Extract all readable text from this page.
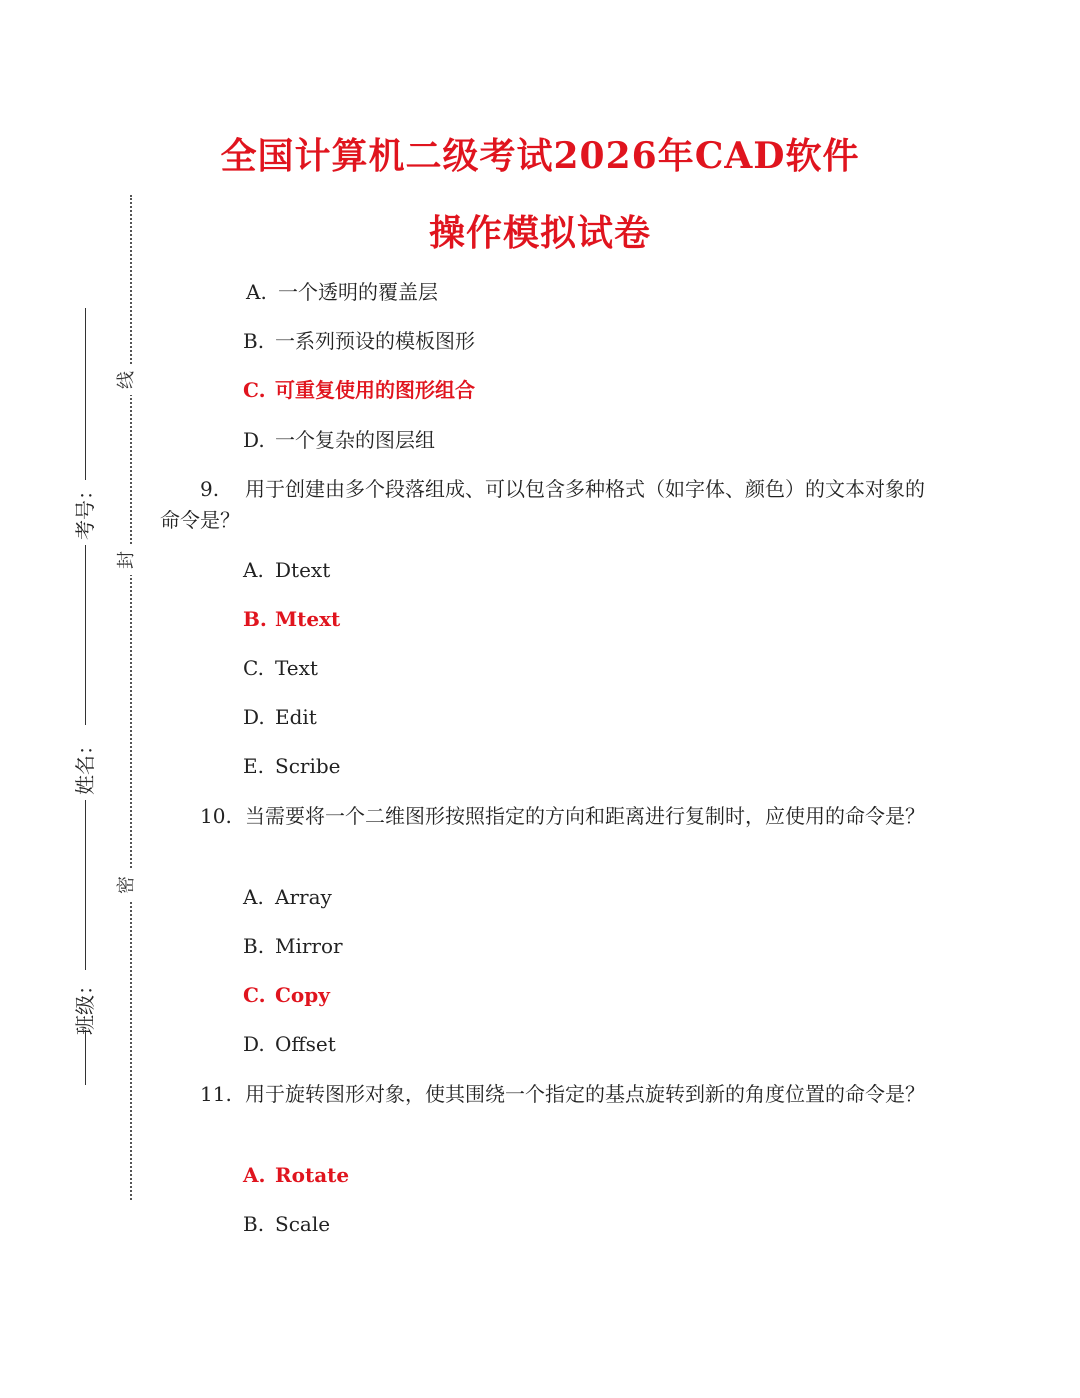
全国计算机二级考试2026年CAD软件
操作模拟试卷
线
封
密
考号：
姓名：
班级：
A. 一个透明的覆盖层
B. 一系列预设的模板图形
C. 可重复使用的图形组合
D. 一个复杂的图层组
9. 用于创建由多个段落组成、可以包含多种格式（如字体、颜色）的文本对象的命令是？
A. Dtext
B. Mtext
C. Text
D. Edit
E. Scribe
10. 当需要将一个二维图形按照指定的方向和距离进行复制时，应使用的命令是？
A. Array
B. Mirror
C. Copy
D. Offset
11. 用于旋转图形对象，使其围绕一个指定的基点旋转到新的角度位置的命令是？
A. Rotate
B. Scale
